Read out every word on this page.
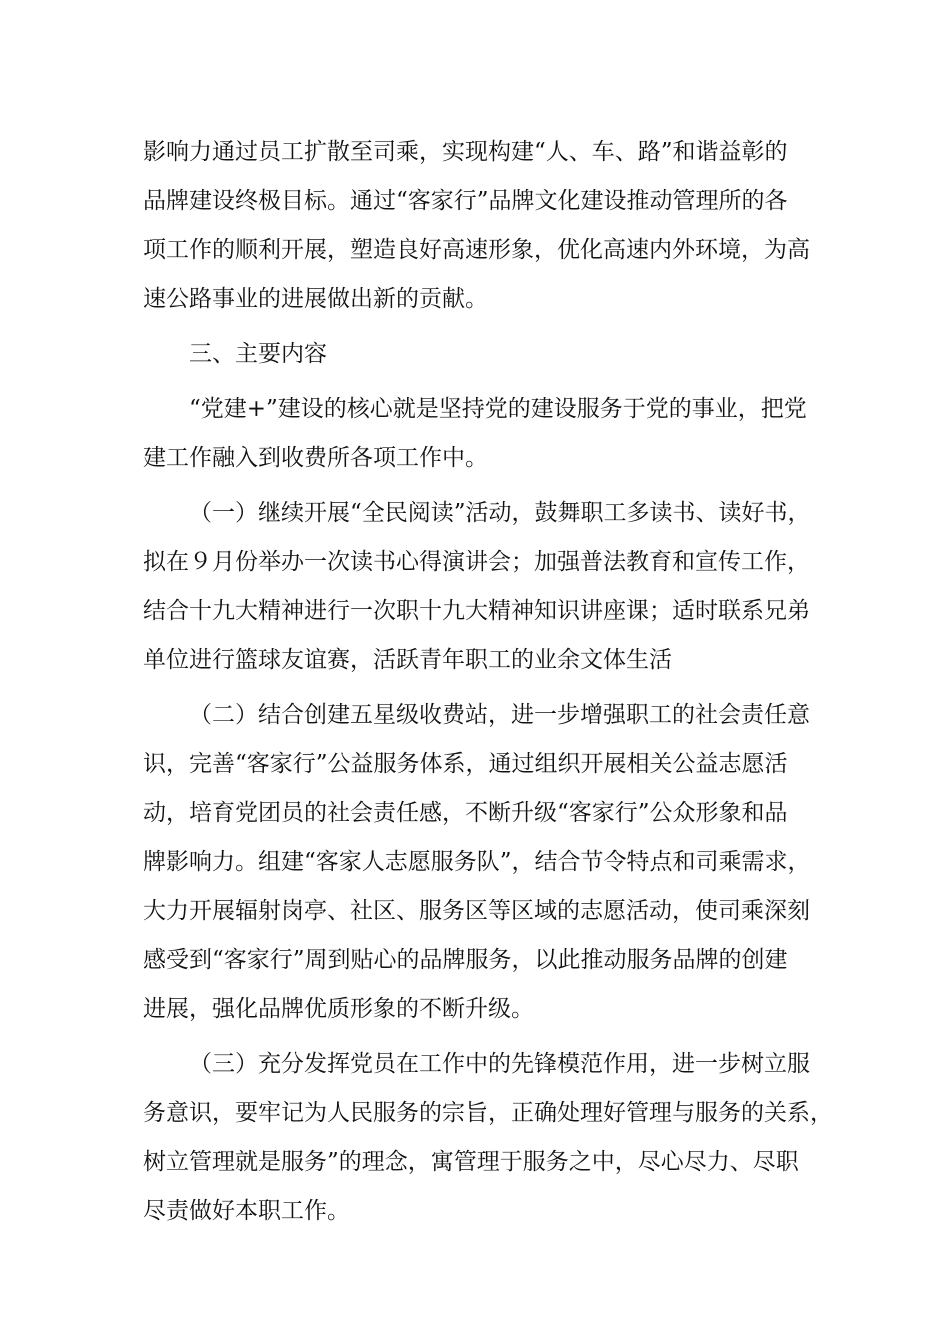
影响力通过员工扩散至司乘，实现构建“人、车、路”和谐益彰的
品牌建设终极目标。通过“客家行”品牌文化建设推动管理所的各
项工作的顺利开展，塑造良好高速形象，优化高速内外环境，为高
速公路事业的进展做出新的贡献。
三、主要内容
“党建+”建设的核心就是坚持党的建设服务于党的事业，把党
建工作融入到收费所各项工作中。
（一）继续开展“全民阅读”活动，鼓舞职工多读书、读好书，
拟在９月份举办一次读书心得演讲会；加强普法教育和宣传工作，
结合十九大精神进行一次职十九大精神知识讲座课；适时联系兄弟
单位进行篮球友谊赛，活跃青年职工的业余文体生活
（二）结合创建五星级收费站，进一步增强职工的社会责任意
识，完善“客家行”公益服务体系，通过组织开展相关公益志愿活
动，培育党团员的社会责任感，不断升级“客家行”公众形象和品
牌影响力。组建“客家人志愿服务队”，结合节令特点和司乘需求，
大力开展辐射岗亭、社区、服务区等区域的志愿活动，使司乘深刻
感受到“客家行”周到贴心的品牌服务，以此推动服务品牌的创建
进展，强化品牌优质形象的不断升级。
（三）充分发挥党员在工作中的先锋模范作用，进一步树立服
务意识，要牢记为人民服务的宗旨，正确处理好管理与服务的关系，
树立管理就是服务”的理念，寓管理于服务之中，尽心尽力、尽职
尽责做好本职工作。
